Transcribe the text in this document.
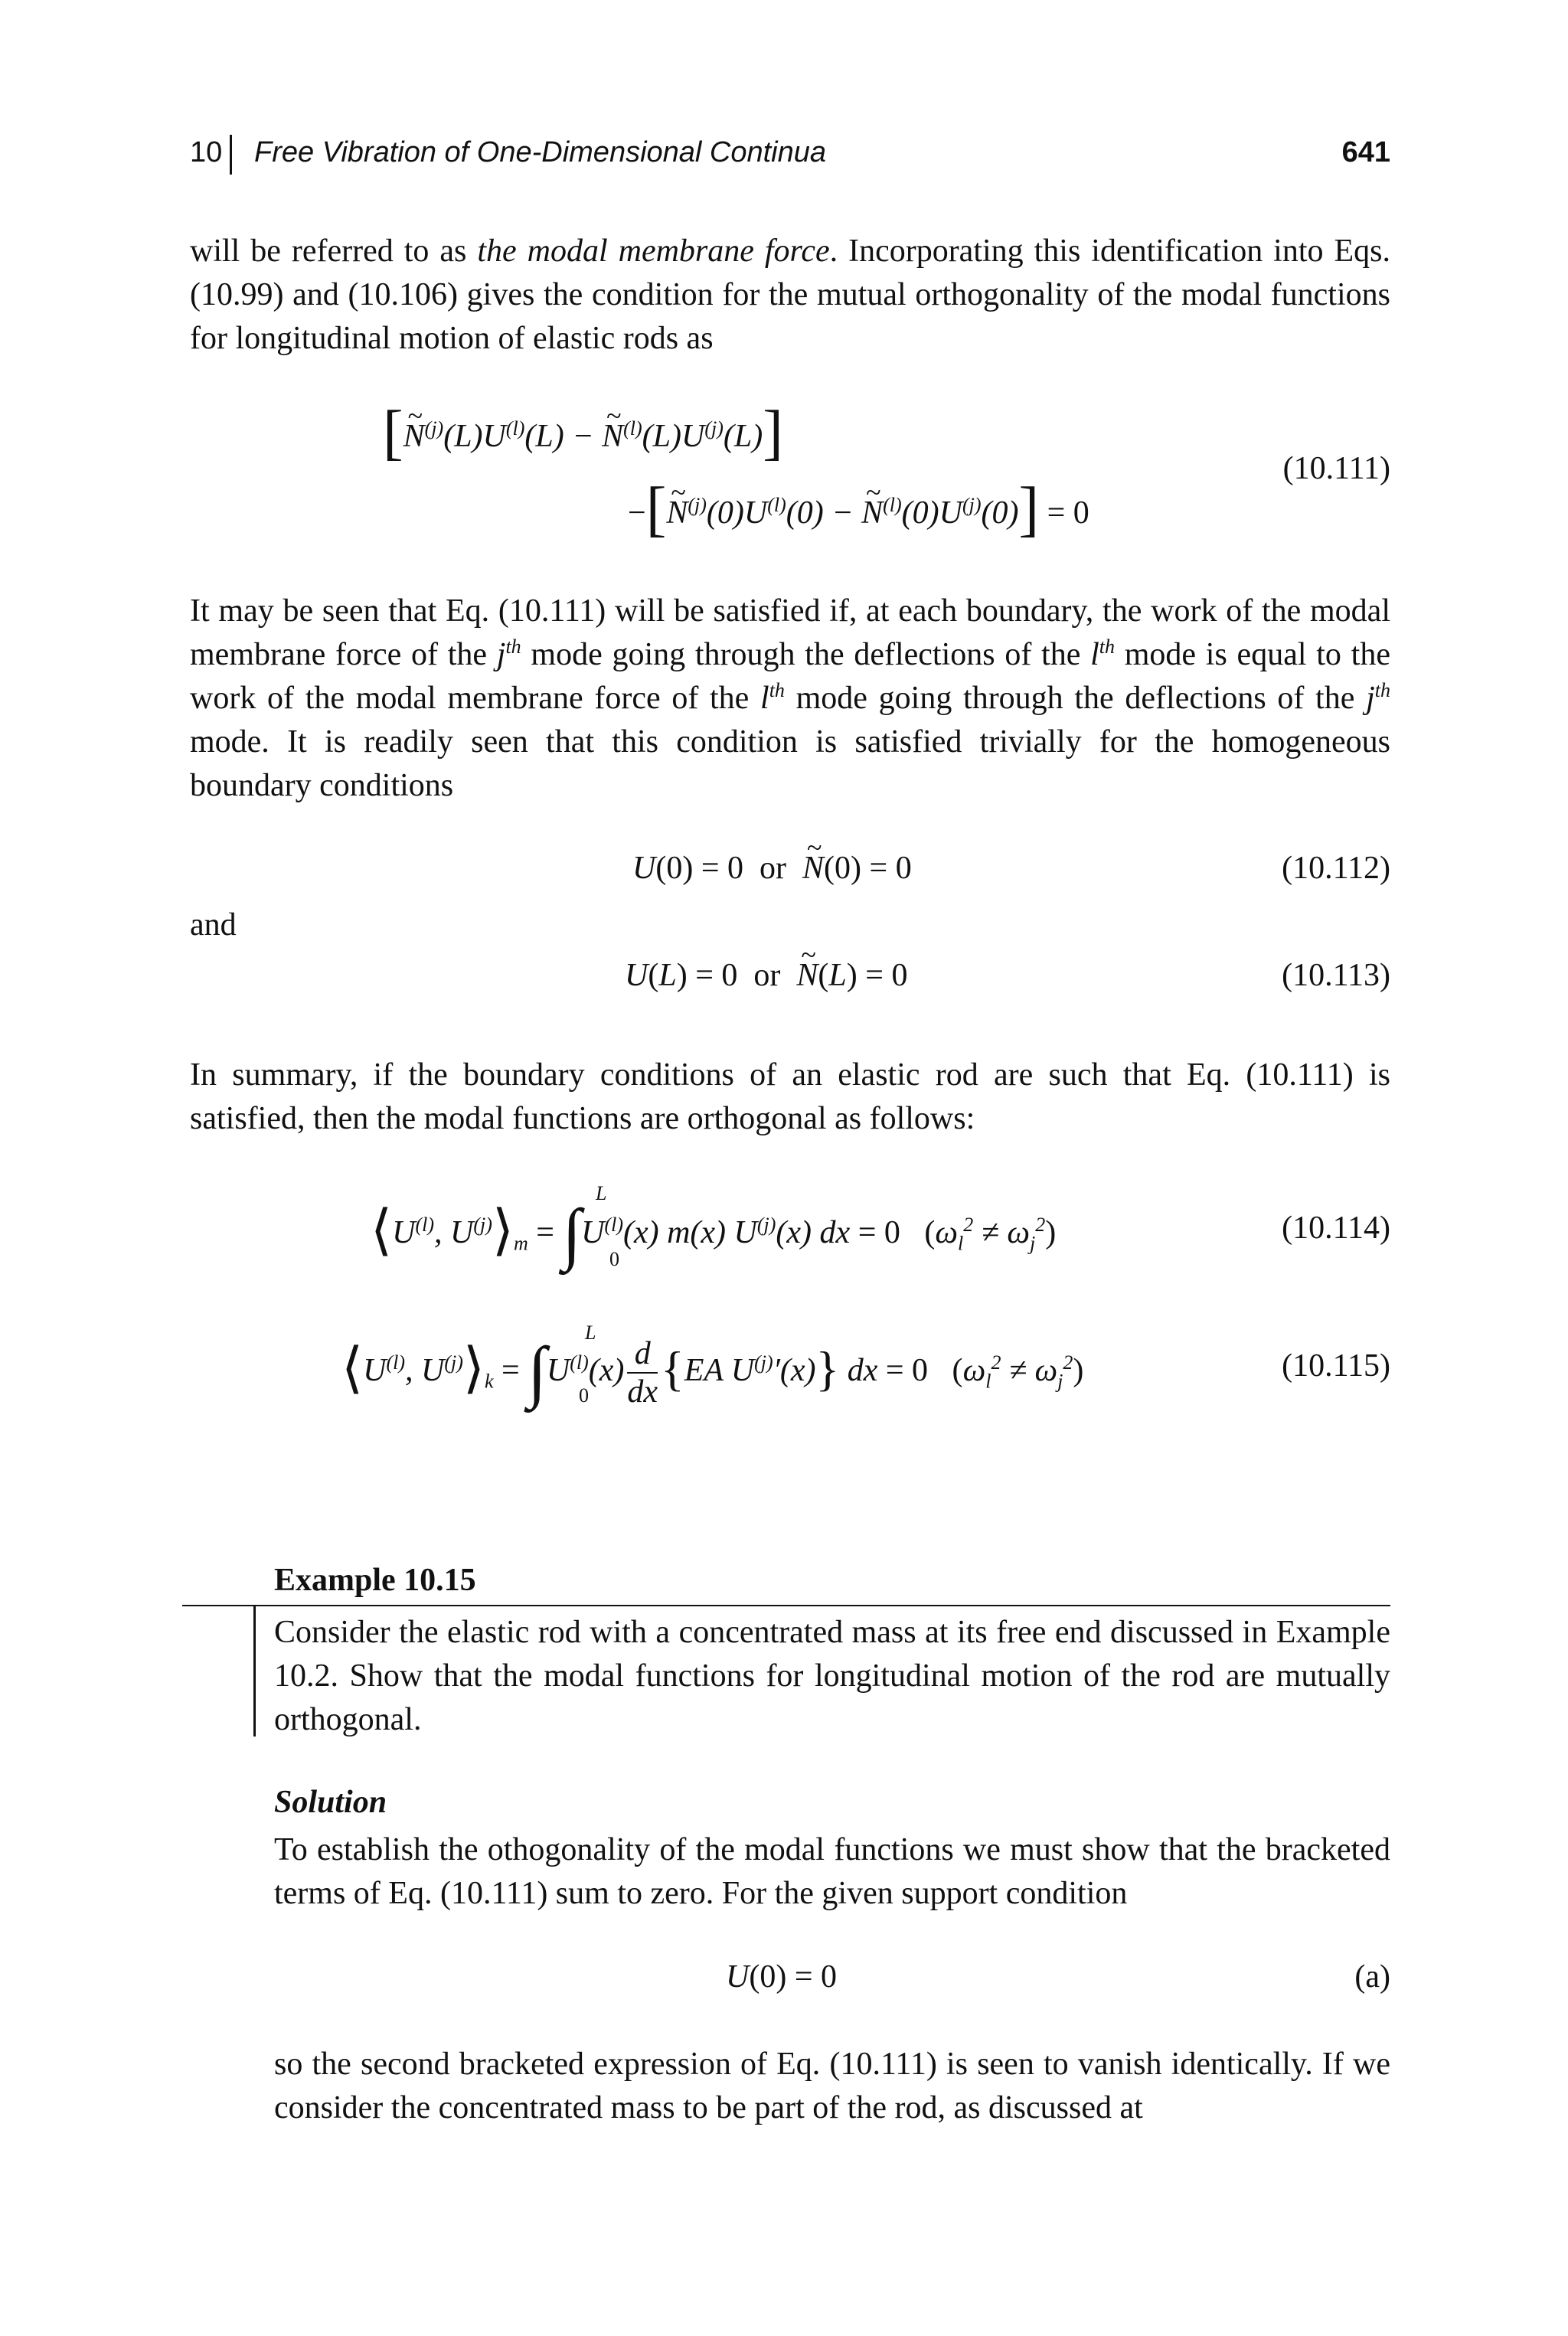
10 Free Vibration of One-Dimensional Continua	641

will be referred to as the modal membrane force. Incorporating this identification into Eqs. (10.99) and (10.106) gives the condition for the mutual orthogonality of the modal functions for longitudinal motion of elastic rods as

[~ $N^{(j)}(L)U^{(l)}(L)$ − ~ $N^{(l)}(L)U^{(j)}(L)$]
−[~ $N^{(j)}(0)U^{(l)}(0)$ − ~ $N^{(l)}(0)U^{(j)}(0)] = 0$
(10.111)

It may be seen that Eq. (10.111) will be satisfied if, at each boundary, the work of the modal membrane force of the $j^{th}$ mode going through the deflections of the $l^{th}$ mode is equal to the work of the modal membrane force of the $l^{th}$ mode going through the deflections of the $j^{th}$ mode. It is readily seen that this condition is satisfied trivially for the homogeneous boundary conditions

U(0) = 0  or ~ N(0) = 0	(10.112)

and

U(L) = 0  or ~ N(L) = 0	(10.113)

In summary, if the boundary conditions of an elastic rod are such that Eq. (10.111) is satisfied, then the modal functions are orthogonal as follows:

$⟨U^{(l)}$, $U^{(j)}⟩_m = \int U^{(l)}(x)$ m(x) $U^{(j)}(x)$ dx = 0   $(\omega_l^2 \ne \omega_j^2)$
L
0
(10.114)
$⟨U^{(l)}$, $U^{(j)}⟩_k = \int U^{(l)}(x) \frac{d}{dx} \{EA$ $U^{(j)}'(x)$} dx = 0   $(\omega_l^2 \ne \omega_j^2)$
L
0
(10.115)
Example 10.15

Consider the elastic rod with a concentrated mass at its free end discussed in Example 10.2. Show that the modal functions for longitudinal motion of the rod are mutually orthogonal.

Solution

To establish the othogonality of the modal functions we must show that the bracketed terms of Eq. (10.111) sum to zero. For the given support condition

U(0) = 0	(a)

so the second bracketed expression of Eq. (10.111) is seen to vanish identically. If we consider the concentrated mass to be part of the rod, as discussed at
